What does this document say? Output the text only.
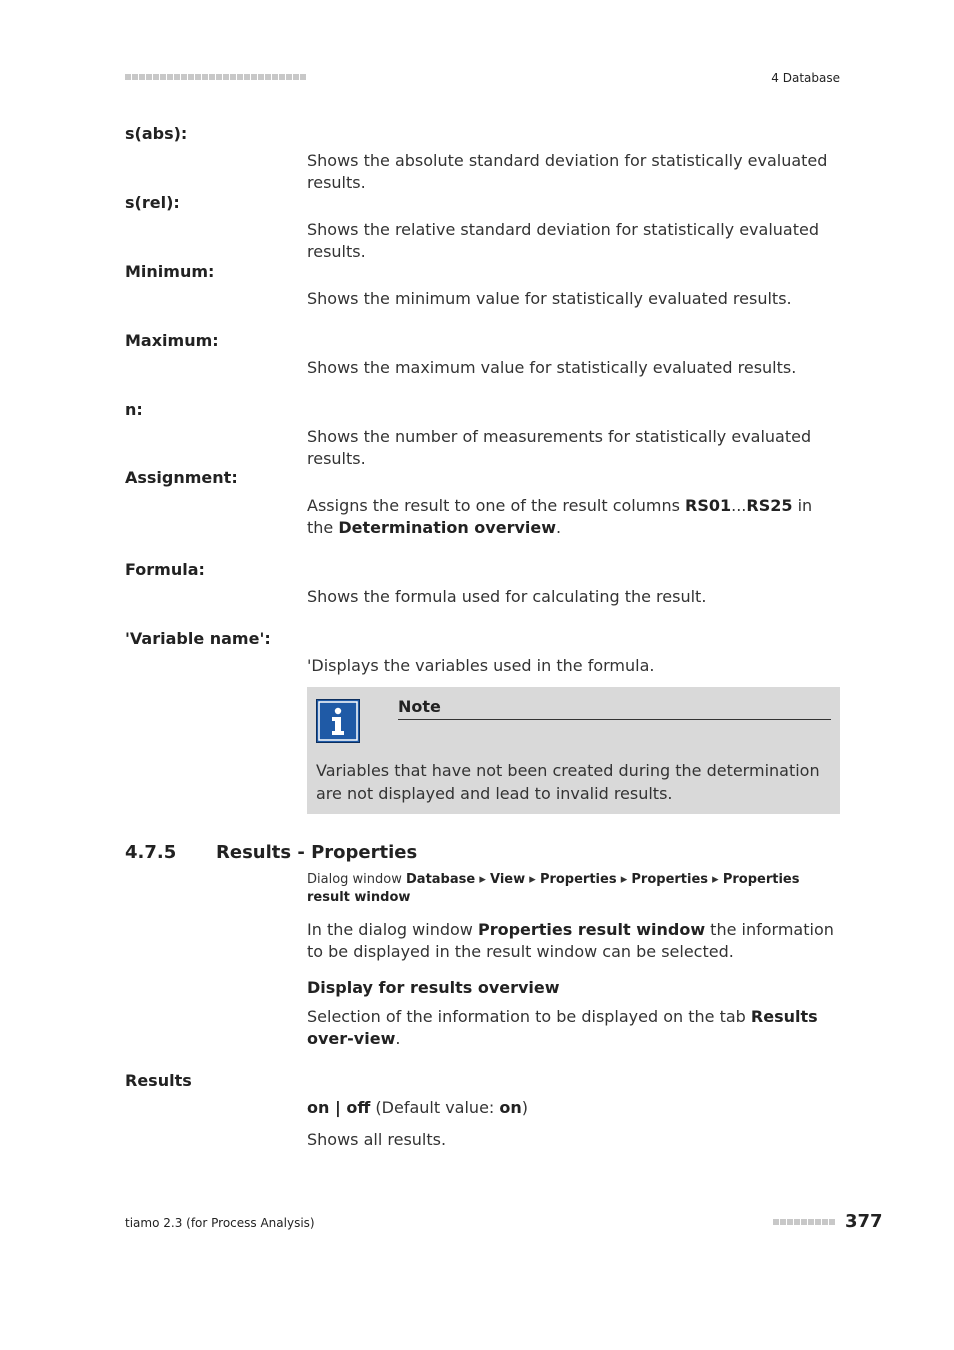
4 Database
s(abs):
Shows the absolute standard deviation for statistically evaluated results.
s(rel):
Shows the relative standard deviation for statistically evaluated results.
Minimum:
Shows the minimum value for statistically evaluated results.
Maximum:
Shows the maximum value for statistically evaluated results.
n:
Shows the number of measurements for statistically evaluated results.
Assignment:
Assigns the result to one of the result columns RS01...RS25 in the Determination overview.
Formula:
Shows the formula used for calculating the result.
'Variable name':
'Displays the variables used in the formula.
Note
Variables that have not been created during the determination are not displayed and lead to invalid results.
4.7.5 Results - Properties
Dialog window Database ▸ View ▸ Properties ▸ Properties ▸ Properties result window
In the dialog window Properties result window the information to be displayed in the result window can be selected.
Display for results overview
Selection of the information to be displayed on the tab Results over-view.
Results
on | off (Default value: on)
Shows all results.
tiamo 2.3 (for Process Analysis)	377
